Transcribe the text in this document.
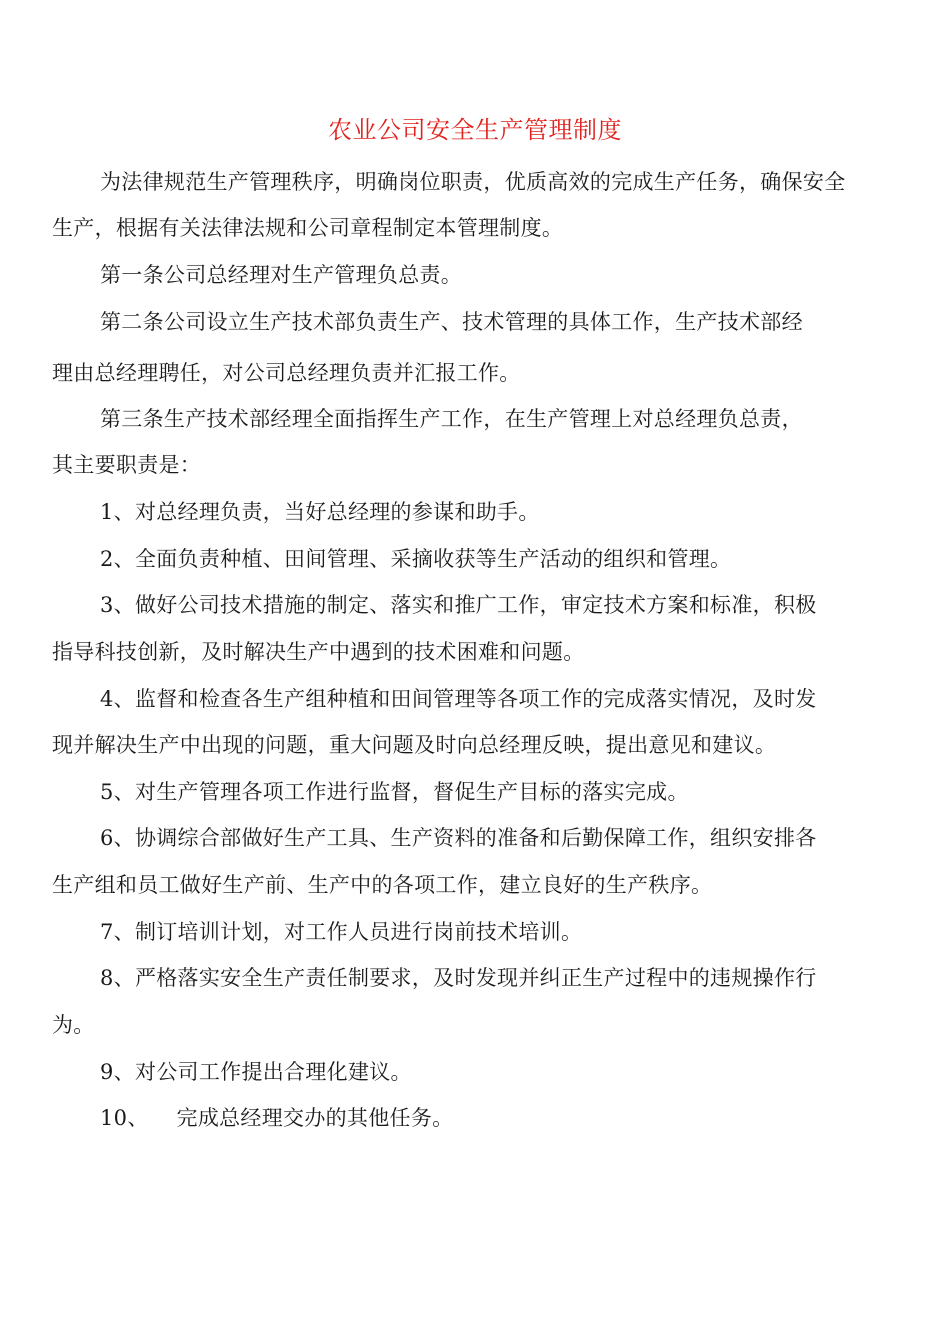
农业公司安全生产管理制度
为法律规范生产管理秩序，明确岗位职责，优质高效的完成生产任务，确保安全
生产，根据有关法律法规和公司章程制定本管理制度。
第一条公司总经理对生产管理负总责。
第二条公司设立生产技术部负责生产、技术管理的具体工作，生产技术部经
理由总经理聘任，对公司总经理负责并汇报工作。
第三条生产技术部经理全面指挥生产工作，在生产管理上对总经理负总责，
其主要职责是：
1、对总经理负责，当好总经理的参谋和助手。
2、全面负责种植、田间管理、采摘收获等生产活动的组织和管理。
3、做好公司技术措施的制定、落实和推广工作，审定技术方案和标准，积极
指导科技创新，及时解决生产中遇到的技术困难和问题。
4、监督和检查各生产组种植和田间管理等各项工作的完成落实情况，及时发
现并解决生产中出现的问题，重大问题及时向总经理反映，提出意见和建议。
5、对生产管理各项工作进行监督，督促生产目标的落实完成。
6、协调综合部做好生产工具、生产资料的准备和后勤保障工作，组织安排各
生产组和员工做好生产前、生产中的各项工作，建立良好的生产秩序。
7、制订培训计划，对工作人员进行岗前技术培训。
8、严格落实安全生产责任制要求，及时发现并纠正生产过程中的违规操作行
为。
9、对公司工作提出合理化建议。
10、    完成总经理交办的其他任务。
